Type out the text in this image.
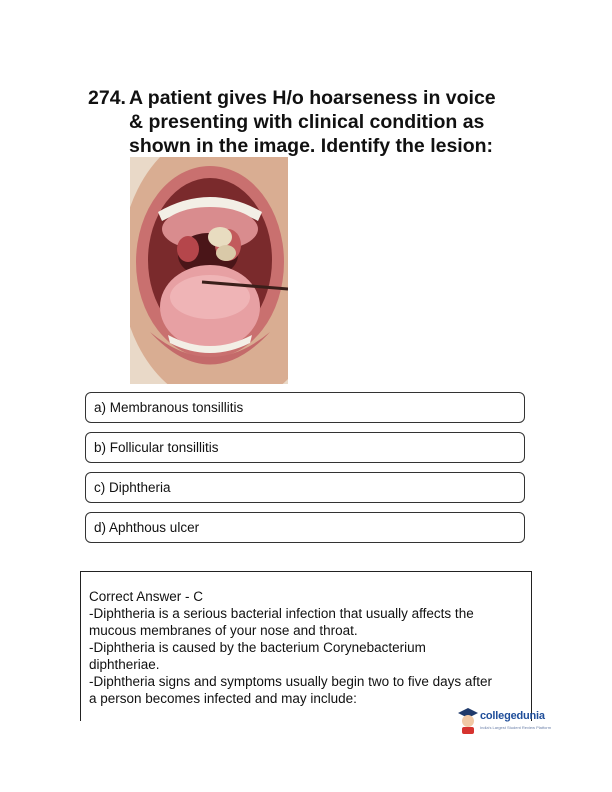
274. A patient gives H/o hoarseness in voice
& presenting with clinical condition as
shown in the image. Identify the lesion:
a) Membranous tonsillitis
b) Follicular tonsillitis
c) Diphtheria
d) Aphthous ulcer
Correct Answer - C
-Diphtheria is a serious bacterial infection that usually affects the
mucous membranes of your nose and throat.
-Diphtheria is caused by the bacterium Corynebacterium
diphtheriae.
-Diphtheria signs and symptoms usually begin two to five days after
a person becomes infected and may include:
collegedunia
India's Largest Student Review Platform
